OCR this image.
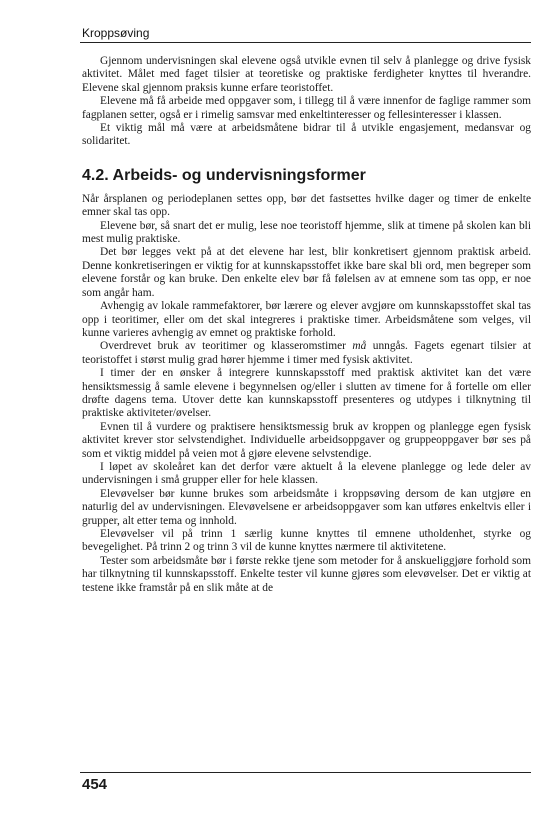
Kroppsøving

Gjennom undervisningen skal elevene også utvikle evnen til selv å planlegge og drive fysisk aktivitet. Målet med faget tilsier at teoretiske og praktiske ferdigheter knyttes til hverandre. Elevene skal gjennom praksis kunne erfare teoristoffet.

Elevene må få arbeide med oppgaver som, i tillegg til å være innenfor de faglige rammer som fagplanen setter, også er i rimelig samsvar med enkeltinteresser og fellesinteresser i klassen.

Et viktig mål må være at arbeidsmåtene bidrar til å utvikle engasjement, medansvar og solidaritet.

4.2. Arbeids- og undervisningsformer

Når årsplanen og periodeplanen settes opp, bør det fastsettes hvilke dager og timer de enkelte emner skal tas opp.

Elevene bør, så snart det er mulig, lese noe teoristoff hjemme, slik at timene på skolen kan bli mest mulig praktiske.

Det bør legges vekt på at det elevene har lest, blir konkretisert gjennom praktisk arbeid. Denne konkretiseringen er viktig for at kunnskapsstoffet ikke bare skal bli ord, men begreper som elevene forstår og kan bruke. Den enkelte elev bør få følelsen av at emnene som tas opp, er noe som angår ham.

Avhengig av lokale rammefaktorer, bør lærere og elever avgjøre om kunnskapsstoffet skal tas opp i teoritimer, eller om det skal integreres i praktiske timer. Arbeidsmåtene som velges, vil kunne varieres avhengig av emnet og praktiske forhold.

Overdrevet bruk av teoritimer og klasseromstimer må unngås. Fagets egenart tilsier at teoristoffet i størst mulig grad hører hjemme i timer med fysisk aktivitet.

I timer der en ønsker å integrere kunnskapsstoff med praktisk aktivitet kan det være hensiktsmessig å samle elevene i begynnelsen og/eller i slutten av timene for å fortelle om eller drøfte dagens tema. Utover dette kan kunnskapsstoff presenteres og utdypes i tilknytning til praktiske aktiviteter/øvelser.

Evnen til å vurdere og praktisere hensiktsmessig bruk av kroppen og planlegge egen fysisk aktivitet krever stor selvstendighet. Individuelle arbeidsoppgaver og gruppeoppgaver bør ses på som et viktig middel på veien mot å gjøre elevene selvstendige.

I løpet av skoleåret kan det derfor være aktuelt å la elevene planlegge og lede deler av undervisningen i små grupper eller for hele klassen.

Elevøvelser bør kunne brukes som arbeidsmåte i kroppsøving dersom de kan utgjøre en naturlig del av undervisningen. Elevøvelsene er arbeidsoppgaver som kan utføres enkeltvis eller i grupper, alt etter tema og innhold.

Elevøvelser vil på trinn 1 særlig kunne knyttes til emnene utholdenhet, styrke og bevegelighet. På trinn 2 og trinn 3 vil de kunne knyttes nærmere til aktivitetene.

Tester som arbeidsmåte bør i første rekke tjene som metoder for å anskueliggjøre forhold som har tilknytning til kunnskapsstoff. Enkelte tester vil kunne gjøres som elevøvelser. Det er viktig at testene ikke framstår på en slik måte at de

454
